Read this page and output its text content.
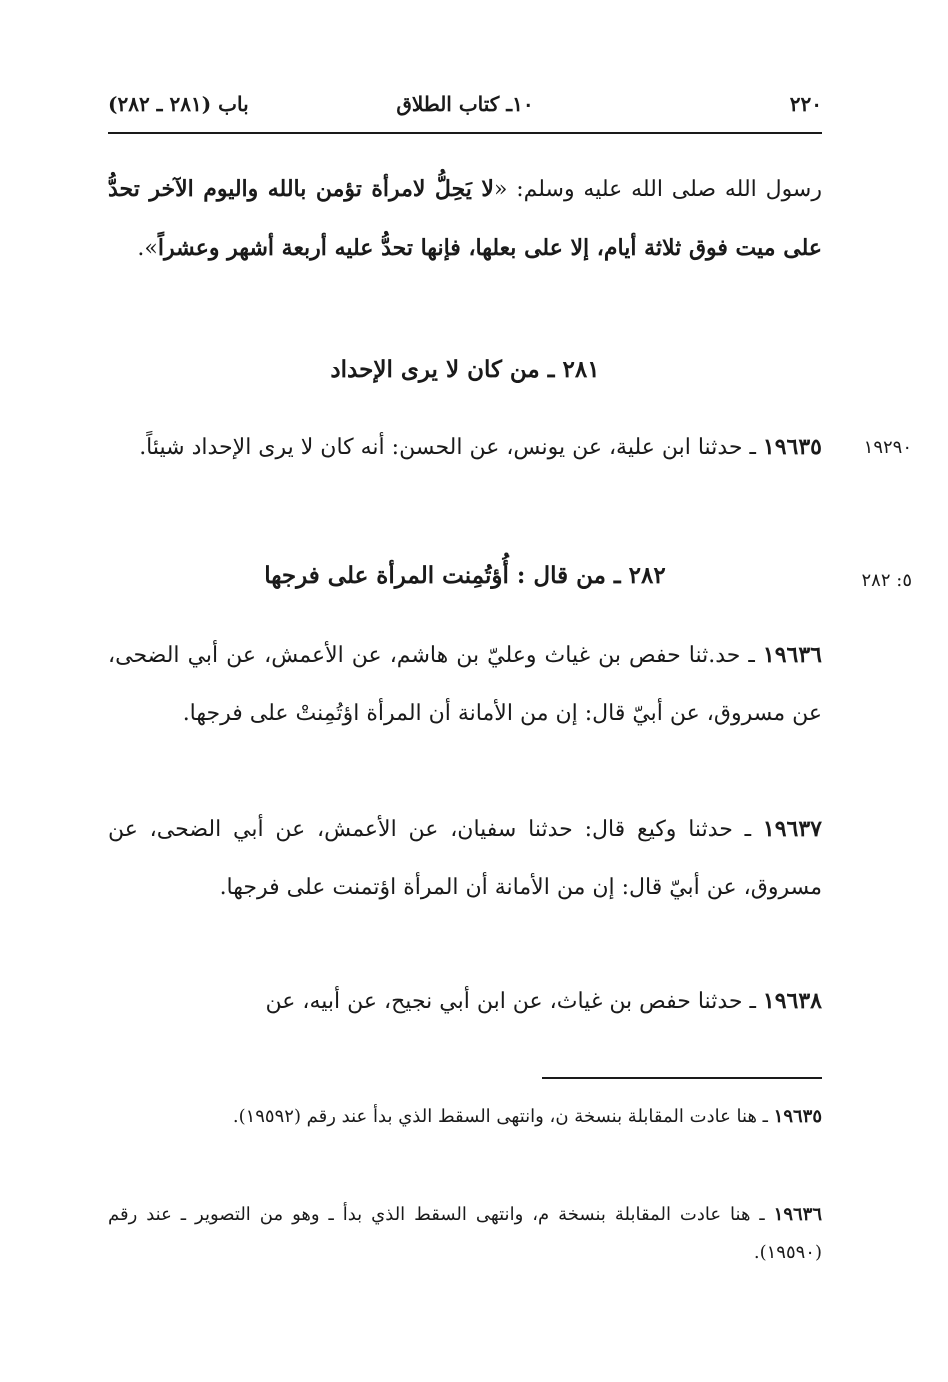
٢٢٠
١٠ـ كتاب الطلاق
باب (٢٨١ ـ ٢٨٢)
رسول الله صلى الله عليه وسلم: «لا يَحِلُّ لامرأة تؤمن بالله واليوم الآخر تحدُّ على ميت فوق ثلاثة أيام، إلا على بعلها، فإنها تحدُّ عليه أربعة أشهر وعشراً».
٢٨١ ـ من كان لا يرى الإحداد
١٩٢٩٠
١٩٦٣٥ ـ حدثنا ابن علية، عن يونس، عن الحسن: أنه كان لا يرى الإحداد شيئاً.
٢٨٢ ـ من قال : أُؤتُمِنت المرأة على فرجها	٥: ٢٨٢
١٩٦٣٦ ـ حد.ثنا حفص بن غياث وعليّ بن هاشم، عن الأعمش، عن أبي الضحى، عن مسروق، عن أبيّ قال: إن من الأمانة أن المرأة اؤتُمِنتْ على فرجها.
١٩٦٣٧ ـ حدثنا وكيع قال: حدثنا سفيان، عن الأعمش، عن أبي الضحى، عن مسروق، عن أبيّ قال: إن من الأمانة أن المرأة اؤتمنت على فرجها.
١٩٦٣٨ ـ حدثنا حفص بن غياث، عن ابن أبي نجيح، عن أبيه، عن
١٩٦٣٥ ـ هنا عادت المقابلة بنسخة ن، وانتهى السقط الذي بدأ عند رقم (١٩٥٩٢).
١٩٦٣٦ ـ هنا عادت المقابلة بنسخة م، وانتهى السقط الذي بدأ ـ وهو من التصوير ـ عند رقم (١٩٥٩٠).
